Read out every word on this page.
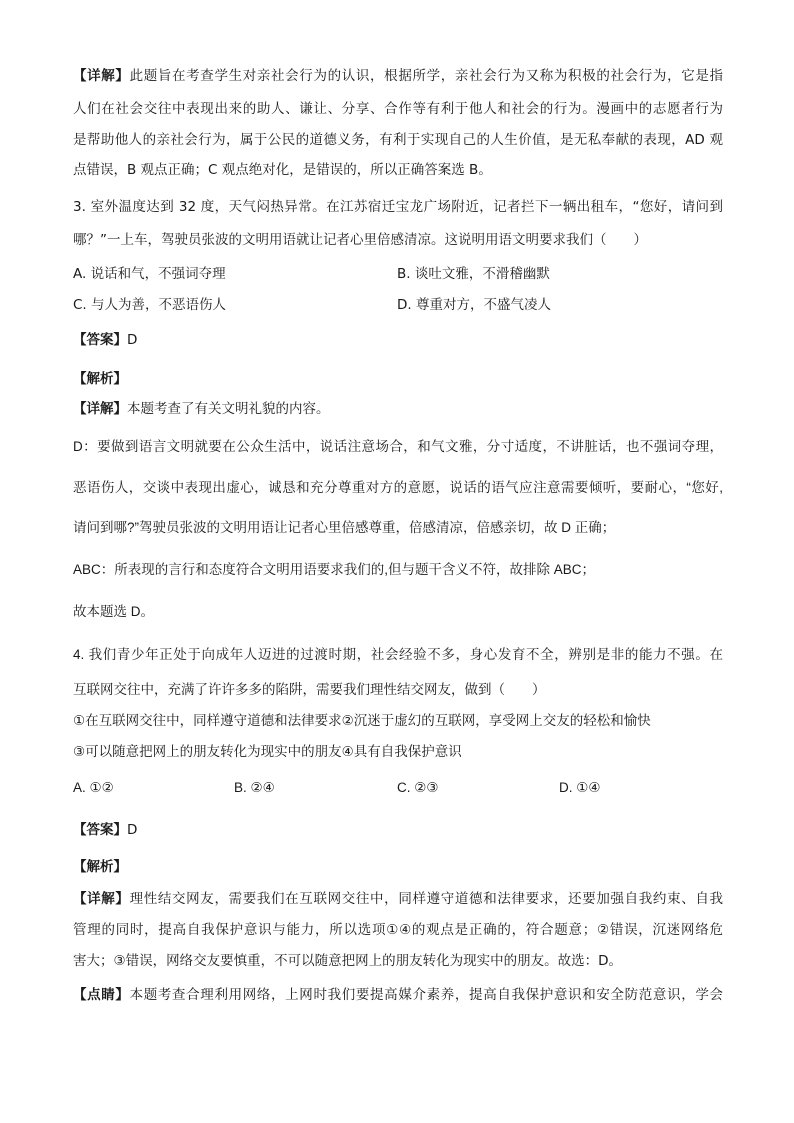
【详解】此题旨在考查学生对亲社会行为的认识，根据所学，亲社会行为又称为积极的社会行为，它是指
人们在社会交往中表现出来的助人、谦让、分享、合作等有利于他人和社会的行为。漫画中的志愿者行为
是帮助他人的亲社会行为，属于公民的道德义务，有利于实现自己的人生价值，是无私奉献的表现，AD 观
点错误，B 观点正确；C 观点绝对化，是错误的，所以正确答案选 B。
3. 室外温度达到 32 度，天气闷热异常。在江苏宿迁宝龙广场附近，记者拦下一辆出租车，“您好，请问到
哪？”一上车，驾驶员张波的文明用语就让记者心里倍感清凉。这说明用语文明要求我们（　　）
A. 说话和气，不强词夺理	B. 谈吐文雅，不滑稽幽默
C. 与人为善，不恶语伤人	D. 尊重对方，不盛气凌人
【答案】D
【解析】
【详解】本题考查了有关文明礼貌的内容。
D：要做到语言文明就要在公众生活中，说话注意场合，和气文雅，分寸适度，不讲脏话，也不强词夺理，
恶语伤人，交谈中表现出虚心，诚恳和充分尊重对方的意愿，说话的语气应注意需要倾听，要耐心，“您好,
请问到哪?”驾驶员张波的文明用语让记者心里倍感尊重，倍感清凉，倍感亲切，故 D 正确；
ABC：所表现的言行和态度符合文明用语要求我们的,但与题干含义不符，故排除 ABC；
故本题选 D。
4. 我们青少年正处于向成年人迈进的过渡时期，社会经验不多，身心发育不全，辨别是非的能力不强。在
互联网交往中，充满了许许多多的陷阱，需要我们理性结交网友，做到（　　）
①在互联网交往中，同样遵守道德和法律要求②沉迷于虚幻的互联网，享受网上交友的轻松和愉快
③可以随意把网上的朋友转化为现实中的朋友④具有自我保护意识
A. ①②	B. ②④	C. ②③	D. ①④
【答案】D
【解析】
【详解】理性结交网友，需要我们在互联网交往中，同样遵守道德和法律要求，还要加强自我约束、自我
管理的同时，提高自我保护意识与能力，所以选项①④的观点是正确的，符合题意；②错误，沉迷网络危
害大；③错误，网络交友要慎重，不可以随意把网上的朋友转化为现实中的朋友。故选：D。
【点睛】本题考查合理利用网络，上网时我们要提高媒介素养，提高自我保护意识和安全防范意识，学会
